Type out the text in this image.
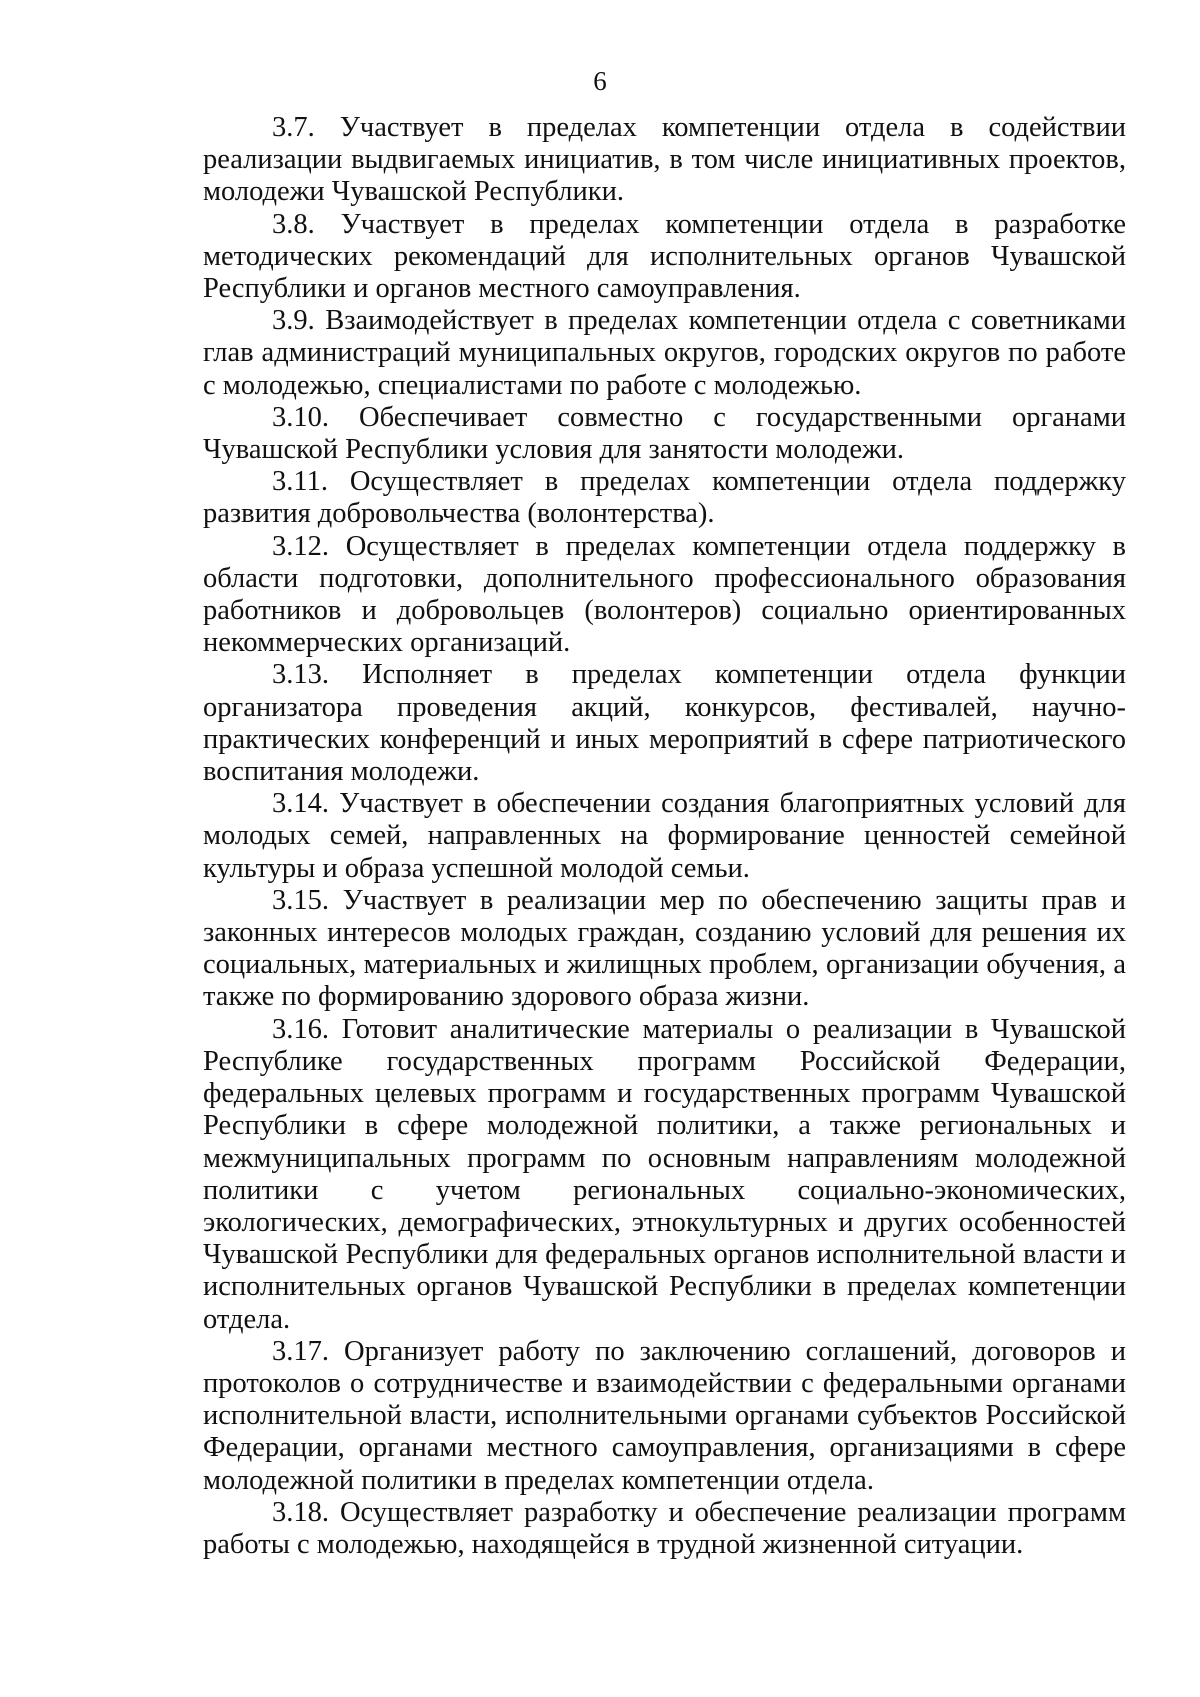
6

3.7. Участвует в пределах компетенции отдела в содействии реализации выдвигаемых инициатив, в том числе инициативных проектов, молодежи Чувашской Республики.

3.8. Участвует в пределах компетенции отдела в разработке методических рекомендаций для исполнительных органов Чувашской Республики и органов местного самоуправления.

3.9. Взаимодействует в пределах компетенции отдела с советниками глав администраций муниципальных округов, городских округов по работе с молодежью, специалистами по работе с молодежью.

3.10. Обеспечивает совместно с государственными органами Чувашской Республики условия для занятости молодежи.

3.11. Осуществляет в пределах компетенции отдела поддержку развития добровольчества (волонтерства).

3.12. Осуществляет в пределах компетенции отдела поддержку в области подготовки, дополнительного профессионального образования работников и добровольцев (волонтеров) социально ориентированных некоммерческих организаций.

3.13. Исполняет в пределах компетенции отдела функции организатора проведения акций, конкурсов, фестивалей, научно-практических конференций и иных мероприятий в сфере патриотического воспитания молодежи.

3.14. Участвует в обеспечении создания благоприятных условий для молодых семей, направленных на формирование ценностей семейной культуры и образа успешной молодой семьи.

3.15. Участвует в реализации мер по обеспечению защиты прав и законных интересов молодых граждан, созданию условий для решения их социальных, материальных и жилищных проблем, организации обучения, а также по формированию здорового образа жизни.

3.16. Готовит аналитические материалы о реализации в Чувашской Республике государственных программ Российской Федерации, федеральных целевых программ и государственных программ Чувашской Республики в сфере молодежной политики, а также региональных и межмуниципальных программ по основным направлениям молодежной политики с учетом региональных социально-экономических, экологических, демографических, этнокультурных и других особенностей Чувашской Республики для федеральных органов исполнительной власти и исполнительных органов Чувашской Республики в пределах компетенции отдела.

3.17. Организует работу по заключению соглашений, договоров и протоколов о сотрудничестве и взаимодействии с федеральными органами исполнительной власти, исполнительными органами субъектов Российской Федерации, органами местного самоуправления, организациями в сфере молодежной политики в пределах компетенции отдела.

3.18. Осуществляет разработку и обеспечение реализации программ работы с молодежью, находящейся в трудной жизненной ситуации.
